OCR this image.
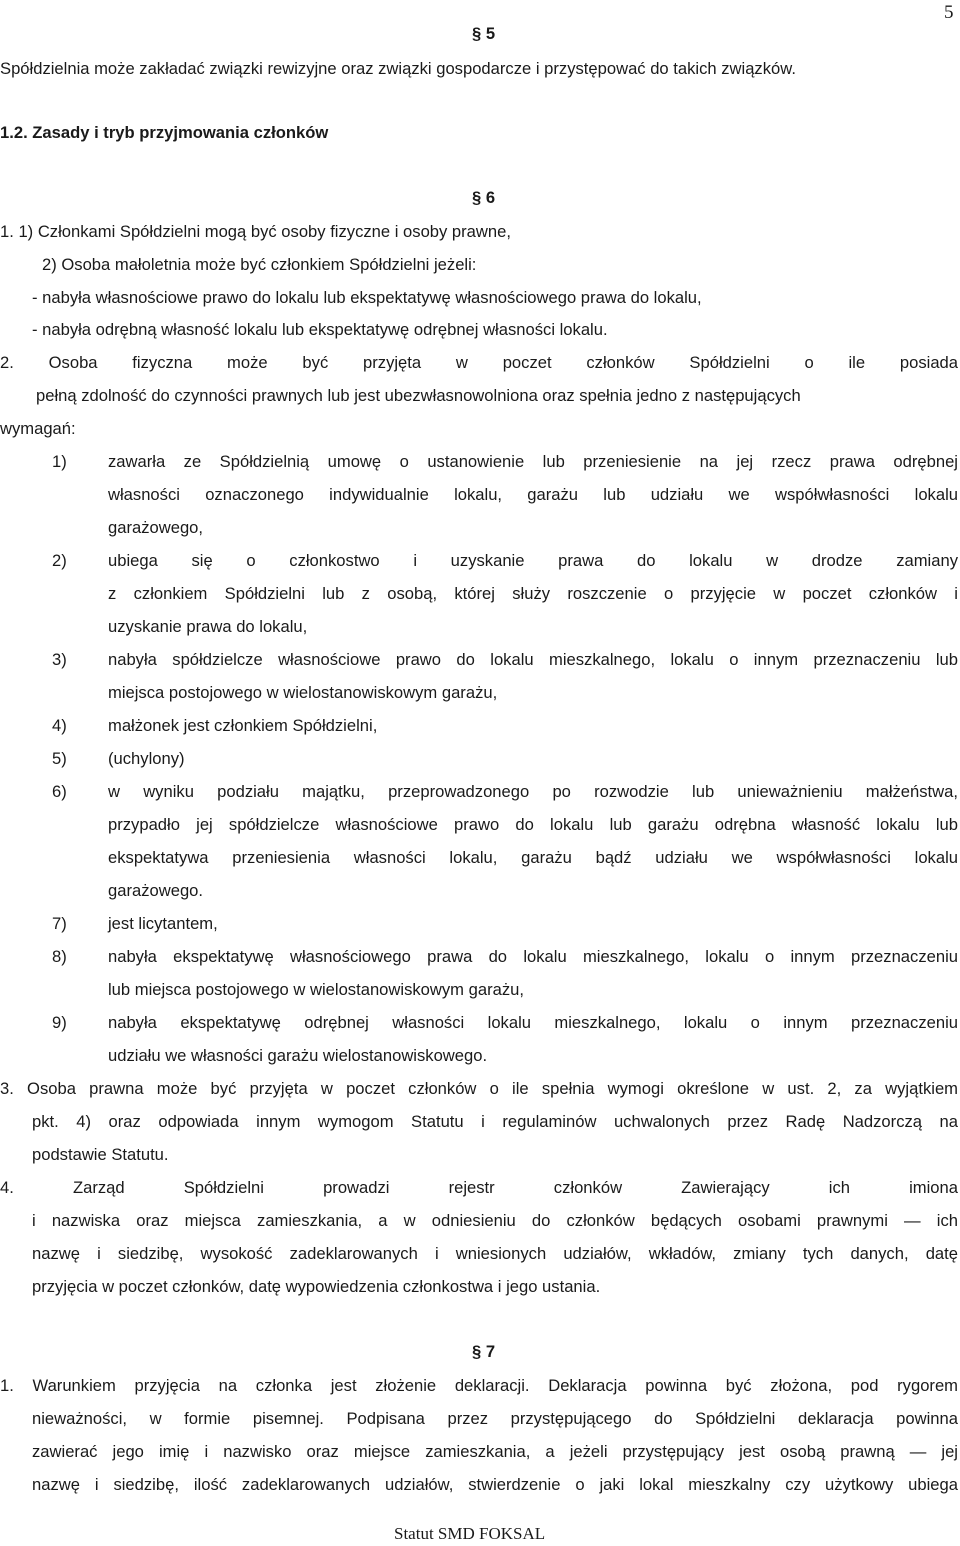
5
§ 5
Spółdzielnia może zakładać związki rewizyjne oraz związki gospodarcze i przystępować do takich związków.
1.2. Zasady i tryb przyjmowania członków
§ 6
1. 1) Członkami Spółdzielni mogą być osoby fizyczne i osoby prawne,
2) Osoba małoletnia może być członkiem Spółdzielni jeżeli:
- nabyła własnościowe prawo do lokalu lub ekspektatywę własnościowego prawa do lokalu,
- nabyła odrębną własność lokalu lub ekspektatywę odrębnej własności lokalu.
2. Osoba fizyczna może być przyjęta w poczet członków Spółdzielni o ile posiada
pełną zdolność do czynności prawnych lub jest ubezwłasnowolniona oraz spełnia jedno z następujących
wymagań:
1) zawarła ze Spółdzielnią umowę o ustanowienie lub przeniesienie na jej rzecz prawa odrębnej
własności oznaczonego indywidualnie lokalu, garażu lub udziału we współwłasności lokalu
garażowego,
2) ubiega się o członkostwo i uzyskanie prawa do lokalu w drodze zamiany
z członkiem Spółdzielni lub z osobą, której służy roszczenie o przyjęcie w poczet członków i
uzyskanie prawa do lokalu,
3) nabyła spółdzielcze własnościowe prawo do lokalu mieszkalnego, lokalu o innym przeznaczeniu lub
miejsca postojowego w wielostanowiskowym garażu,
4) małżonek jest członkiem Spółdzielni,
5) (uchylony)
6) w wyniku podziału majątku, przeprowadzonego po rozwodzie lub unieważnieniu małżeństwa,
przypadło jej spółdzielcze własnościowe prawo do lokalu lub garażu odrębna własność lokalu lub
ekspektatywa przeniesienia własności lokalu, garażu bądź udziału we współwłasności lokalu
garażowego.
7) jest licytantem,
8) nabyła ekspektatywę własnościowego prawa do lokalu mieszkalnego, lokalu o innym przeznaczeniu
lub miejsca postojowego w wielostanowiskowym garażu,
9) nabyła ekspektatywę odrębnej własności lokalu mieszkalnego, lokalu o innym przeznaczeniu
udziału we własności garażu wielostanowiskowego.
3. Osoba prawna może być przyjęta w poczet członków o ile spełnia wymogi określone w ust. 2, za wyjątkiem
pkt. 4) oraz odpowiada innym wymogom Statutu i regulaminów uchwalonych przez Radę Nadzorczą na
podstawie Statutu.
4. Zarząd Spółdzielni prowadzi rejestr członków Zawierający ich imiona
i nazwiska oraz miejsca zamieszkania, a w odniesieniu do członków będących osobami prawnymi — ich
nazwę i siedzibę, wysokość zadeklarowanych i wniesionych udziałów, wkładów, zmiany tych danych, datę
przyjęcia w poczet członków, datę wypowiedzenia członkostwa i jego ustania.
§ 7
1. Warunkiem przyjęcia na członka jest złożenie deklaracji. Deklaracja powinna być złożona, pod rygorem
nieważności, w formie pisemnej. Podpisana przez przystępującego do Spółdzielni deklaracja powinna
zawierać jego imię i nazwisko oraz miejsce zamieszkania, a jeżeli przystępujący jest osobą prawną — jej
nazwę i siedzibę, ilość zadeklarowanych udziałów, stwierdzenie o jaki lokal mieszkalny czy użytkowy ubiega
Statut SMD FOKSAL
